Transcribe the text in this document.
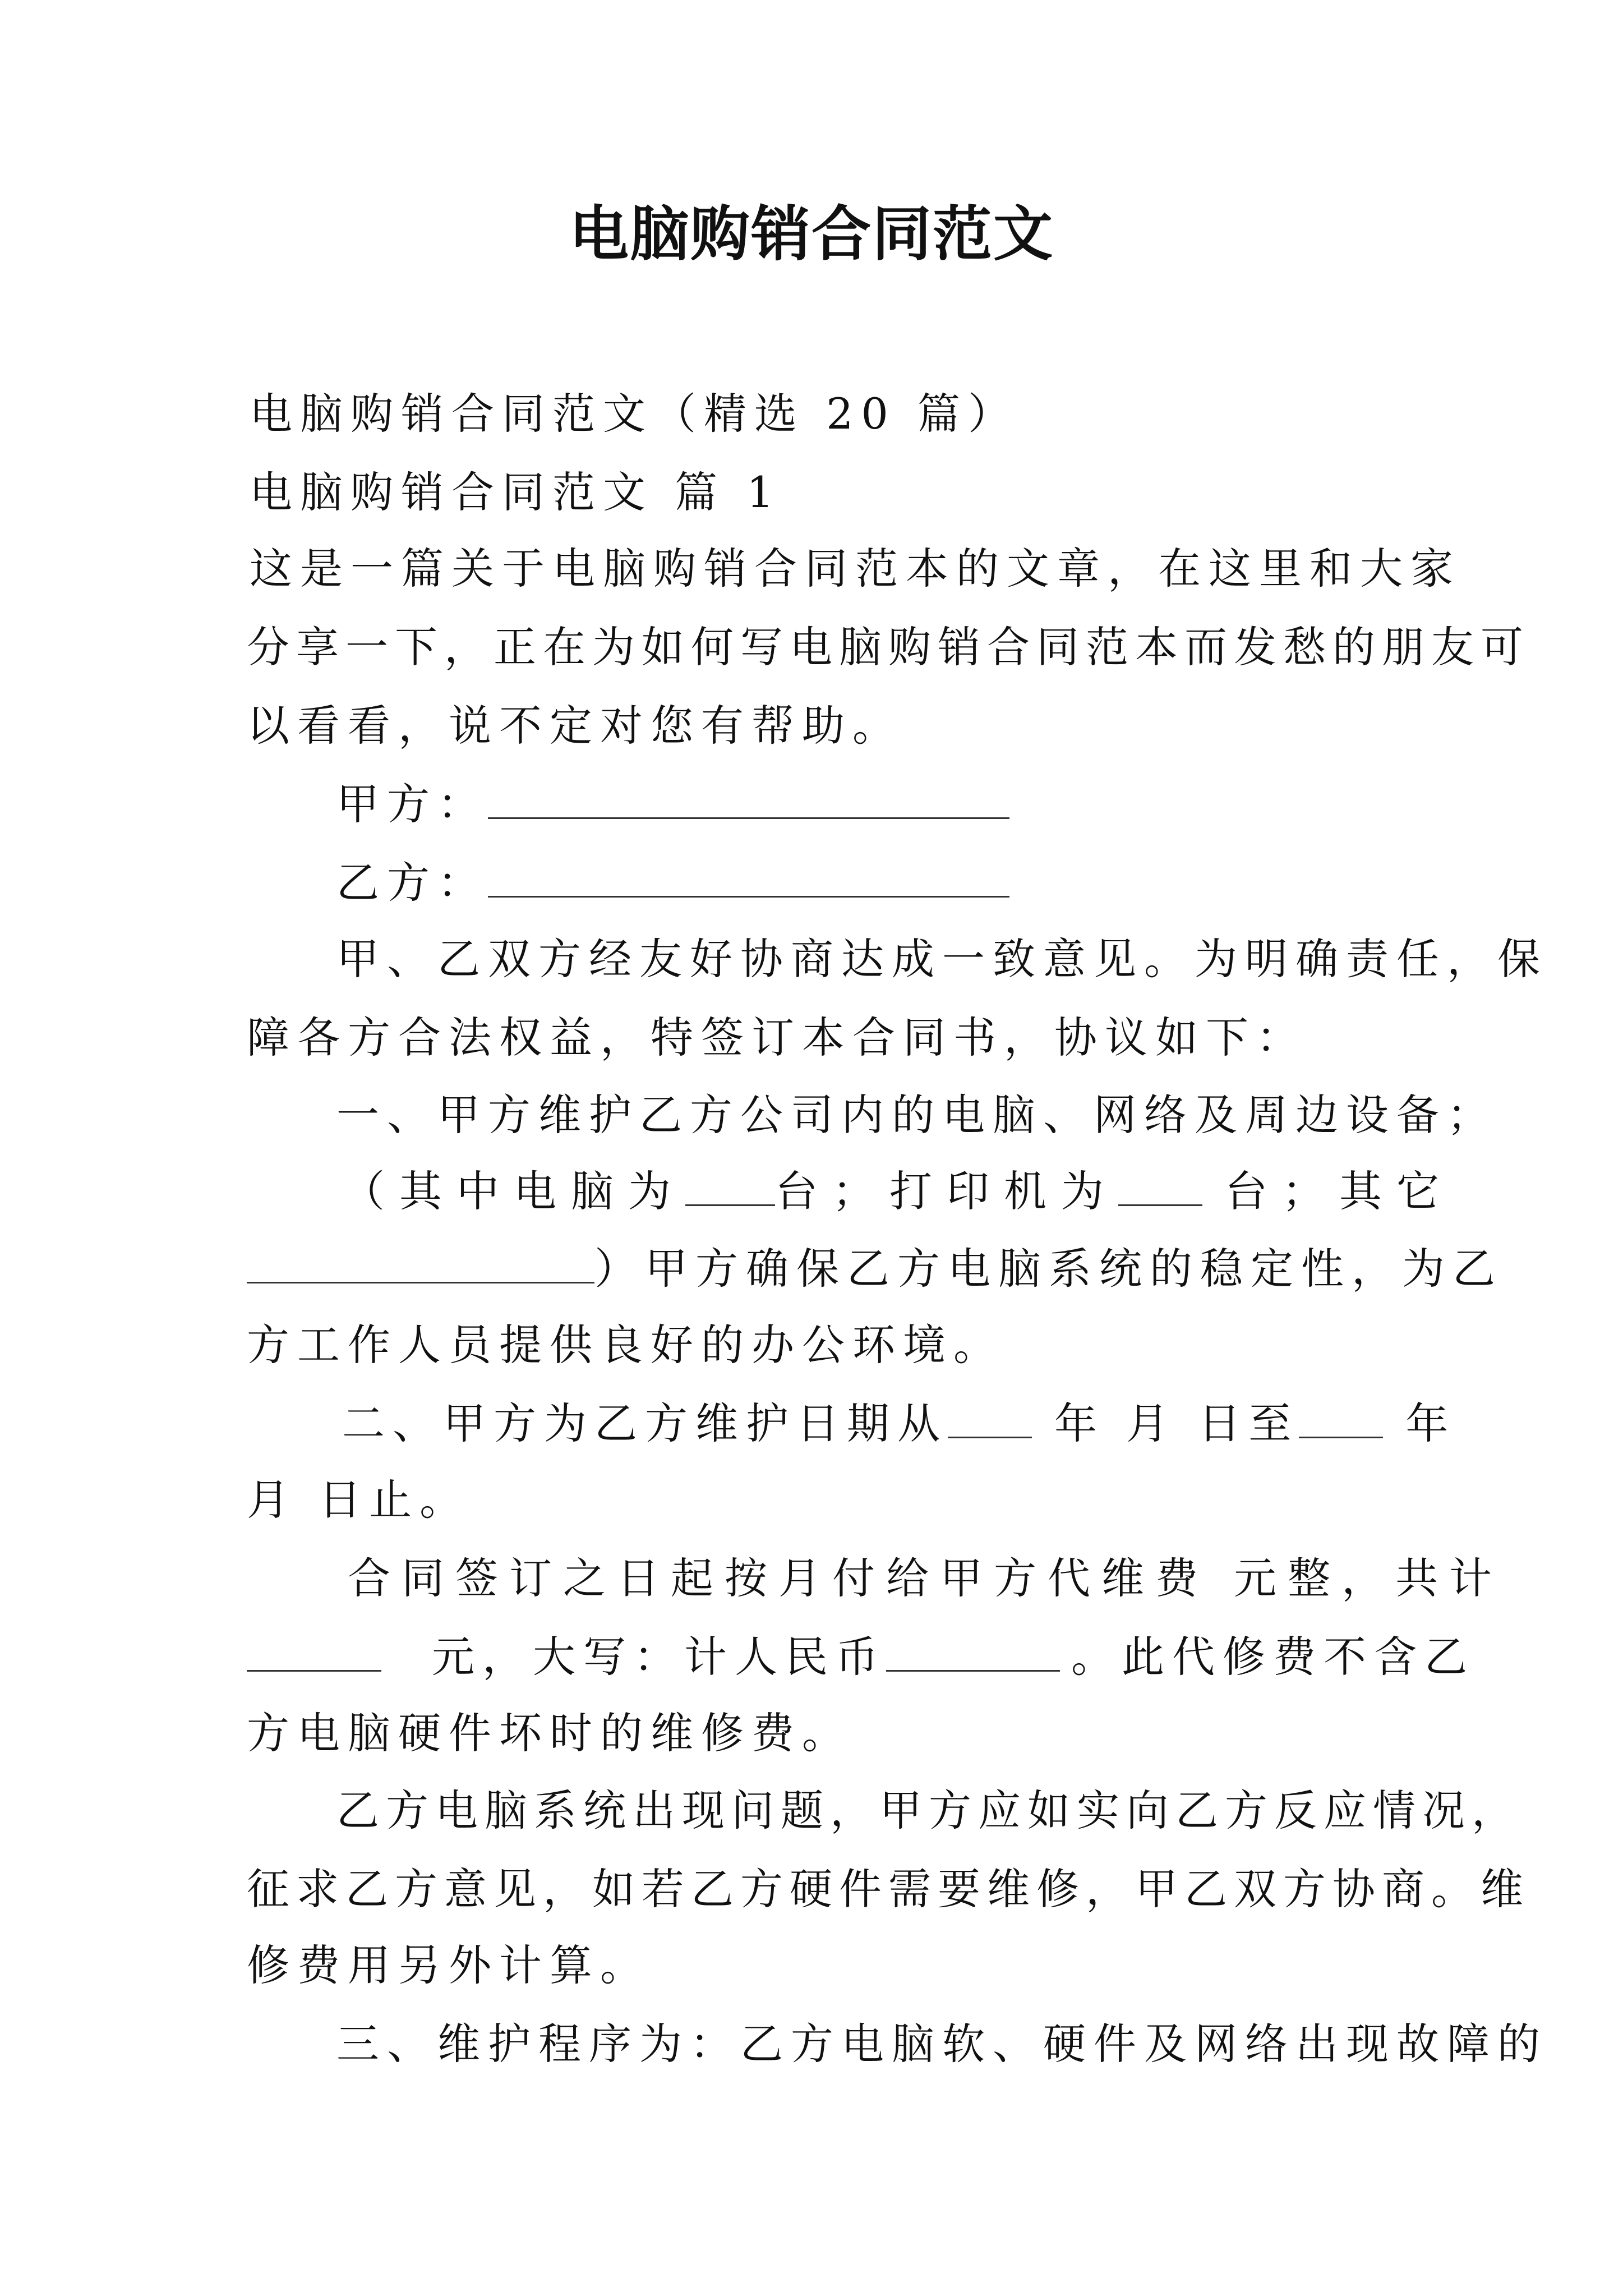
电脑购销合同范文
电脑购销合同范文（精选 20 篇）
电脑购销合同范文 篇 1
这是一篇关于电脑购销合同范本的文章，在这里和大家
分享一下，正在为如何写电脑购销合同范本而发愁的朋友可
以看看，说不定对您有帮助。
甲方：
乙方：
甲、乙双方经友好协商达成一致意见。为明确责任，保
障各方合法权益，特签订本合同书，协议如下：
一、甲方维护乙方公司内的电脑、网络及周边设备；
（其中电脑为 台；打印机为	台；其它
）甲方确保乙方电脑系统的稳定性，为乙
方工作人员提供良好的办公环境。
二、甲方为乙方维护日期从	年 月 日至	年
月 日止。
合同签订之日起按月付给甲方代维费 元整，共计
元，大写：计人民币	。此代修费不含乙
方电脑硬件坏时的维修费。
乙方电脑系统出现问题，甲方应如实向乙方反应情况，
征求乙方意见，如若乙方硬件需要维修，甲乙双方协商。维
修费用另外计算。
三、维护程序为：乙方电脑软、硬件及网络出现故障的
